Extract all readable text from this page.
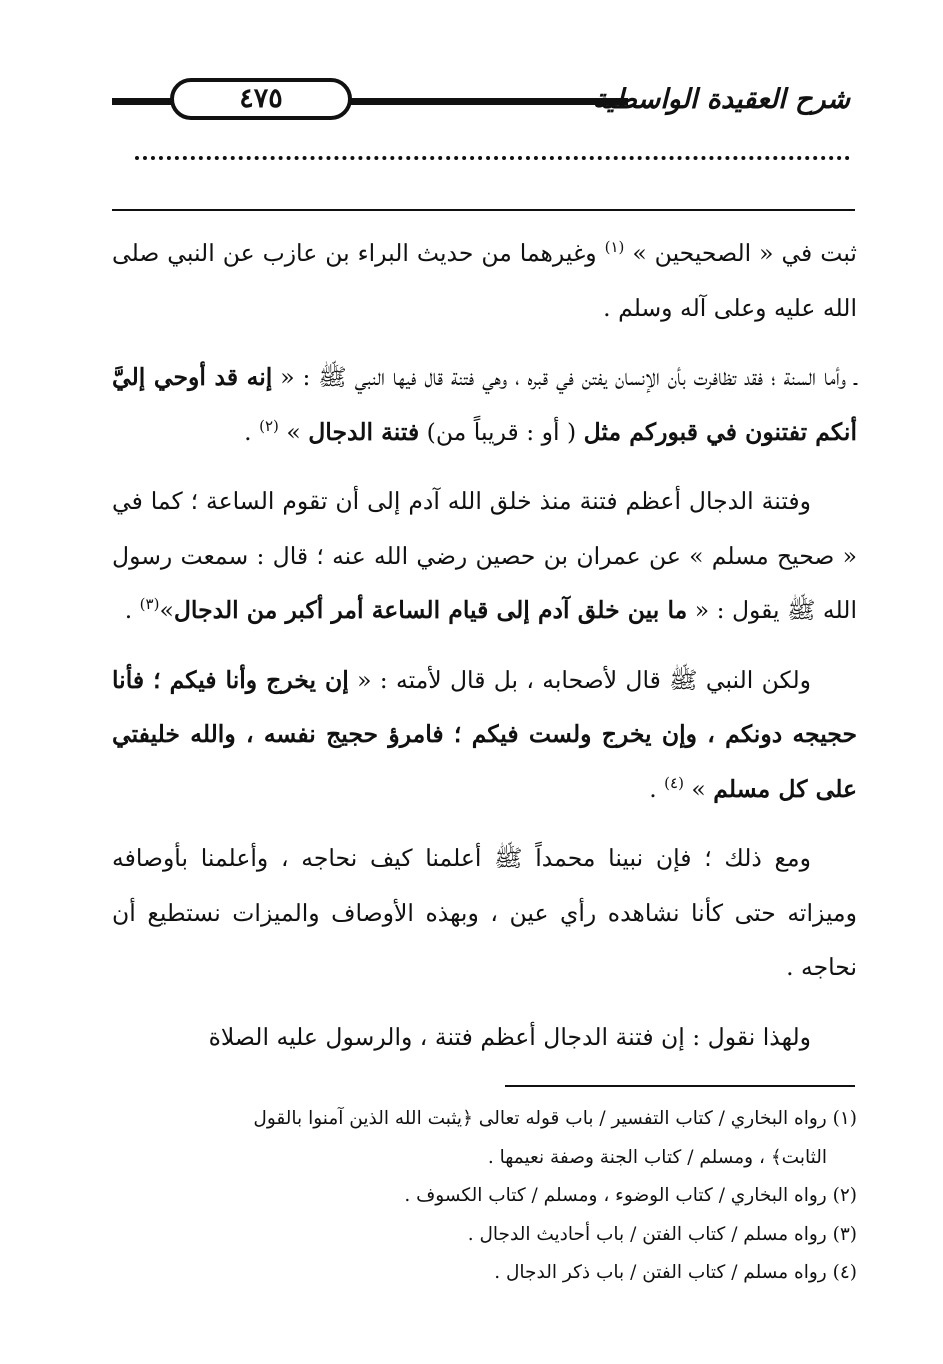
٤٧٥	شرح العقيدة الواسطية

ثبت في « الصحيحين » $^{(١)}$ وغيرهما من حديث البراء بن عازب عن النبي صلى الله عليه وعلى آله وسلم .

ـ وأما السنة ؛ فقد تظافرت بأن الإنسان يفتن في قبره ، وهي فتنة قال فيها النبي ﷺ : « إنه قد أوحي إليَّ أنكم تفتنون في قبوركم مثل ( أو : قريباً من) فتنة الدجال » $^{(٢)}$ .

وفتنة الدجال أعظم فتنة منذ خلق الله آدم إلى أن تقوم الساعة ؛ كما في « صحيح مسلم » عن عمران بن حصين رضي الله عنه ؛ قال : سمعت رسول الله ﷺ يقول : « ما بين خلق آدم إلى قيام الساعة أمر أكبر من الدجال»$^{(٣)}$ .

ولكن النبي ﷺ قال لأصحابه ، بل قال لأمته : « إن يخرج وأنا فيكم ؛ فأنا حجيجه دونكم ، وإن يخرج ولست فيكم ؛ فامرؤ حجيج نفسه ، والله خليفتي على كل مسلم » $^{(٤)}$ .

ومع ذلك ؛ فإن نبينا محمداً ﷺ أعلمنا كيف نحاجه ، وأعلمنا بأوصافه وميزاته حتى كأنا نشاهده رأي عين ، وبهذه الأوصاف والميزات نستطيع أن نحاجه .

ولهذا نقول : إن فتنة الدجال أعظم فتنة ، والرسول عليه الصلاة

(١) رواه البخاري / كتاب التفسير / باب قوله تعالى ﴿يثبت الله الذين آمنوا بالقول

الثابت﴾ ، ومسلم / كتاب الجنة وصفة نعيمها .

(٢) رواه البخاري / كتاب الوضوء ، ومسلم / كتاب الكسوف .

(٣) رواه مسلم / كتاب الفتن / باب أحاديث الدجال .

(٤) رواه مسلم / كتاب الفتن / باب ذكر الدجال .
